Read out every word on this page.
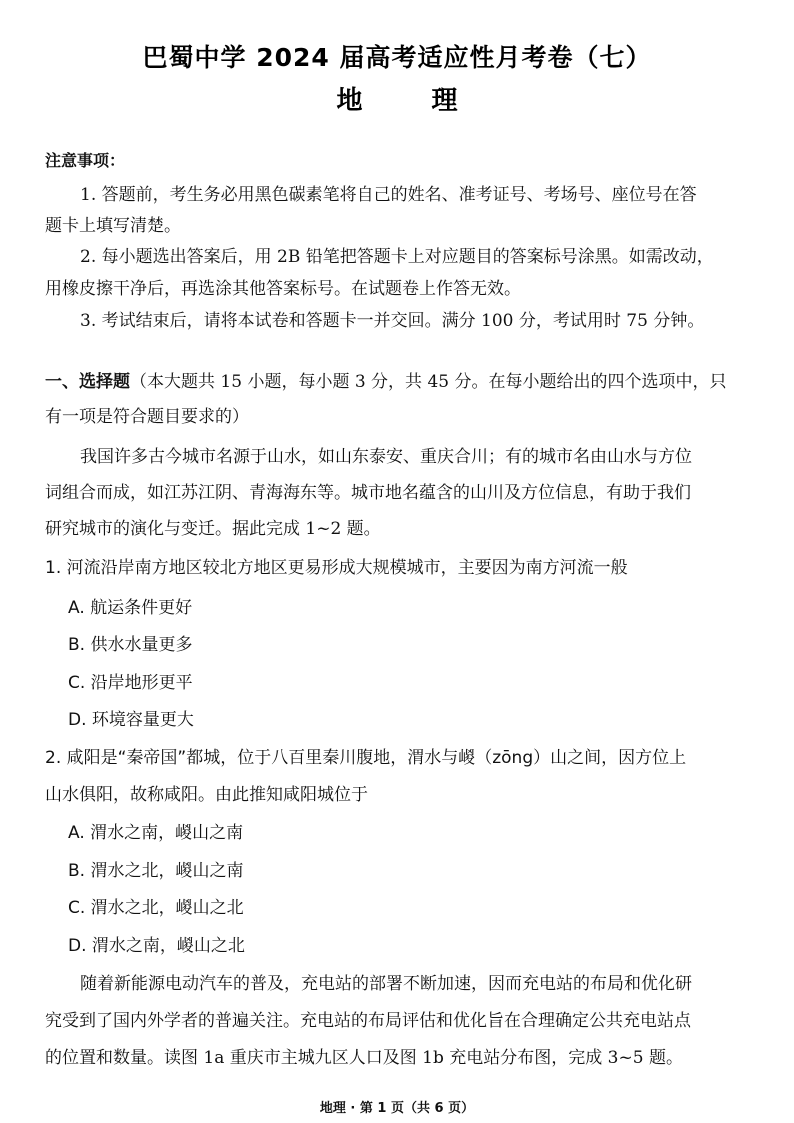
巴蜀中学 2024 届高考适应性月考卷（七）
地 理
注意事项：
1. 答题前，考生务必用黑色碳素笔将自己的姓名、准考证号、考场号、座位号在答
题卡上填写清楚。
2. 每小题选出答案后，用 2B 铅笔把答题卡上对应题目的答案标号涂黑。如需改动，
用橡皮擦干净后，再选涂其他答案标号。在试题卷上作答无效。
3. 考试结束后，请将本试卷和答题卡一并交回。满分 100 分，考试用时 75 分钟。
一、选择题（本大题共 15 小题，每小题 3 分，共 45 分。在每小题给出的四个选项中，只
有一项是符合题目要求的）
我国许多古今城市名源于山水，如山东泰安、重庆合川；有的城市名由山水与方位
词组合而成，如江苏江阴、青海海东等。城市地名蕴含的山川及方位信息，有助于我们
研究城市的演化与变迁。据此完成 1~2 题。
1. 河流沿岸南方地区较北方地区更易形成大规模城市，主要因为南方河流一般
A. 航运条件更好
B. 供水水量更多
C. 沿岸地形更平
D. 环境容量更大
2. 咸阳是“秦帝国”都城，位于八百里秦川腹地，渭水与嵕（zōng）山之间，因方位上
山水俱阳，故称咸阳。由此推知咸阳城位于
A. 渭水之南，嵕山之南
B. 渭水之北，嵕山之南
C. 渭水之北，嵕山之北
D. 渭水之南，嵕山之北
随着新能源电动汽车的普及，充电站的部署不断加速，因而充电站的布局和优化研
究受到了国内外学者的普遍关注。充电站的布局评估和优化旨在合理确定公共充电站点
的位置和数量。读图 1a 重庆市主城九区人口及图 1b 充电站分布图，完成 3~5 题。
地理 · 第 1 页（共 6 页）
